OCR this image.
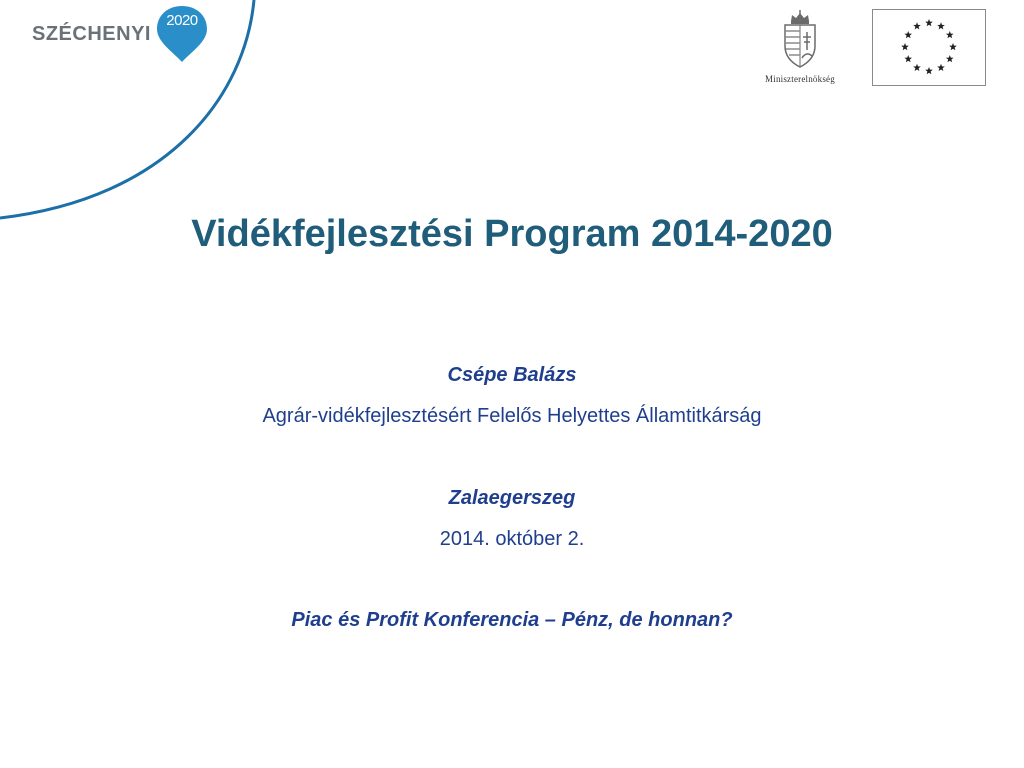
SZÉCHENYI
2020
Miniszterelnökség
Vidékfejlesztési Program 2014-2020

Csépe Balázs

Agrár-vidékfejlesztésért Felelős Helyettes Államtitkárság

Zalaegerszeg

2014. október 2.

Piac és Profit Konferencia – Pénz, de honnan?
